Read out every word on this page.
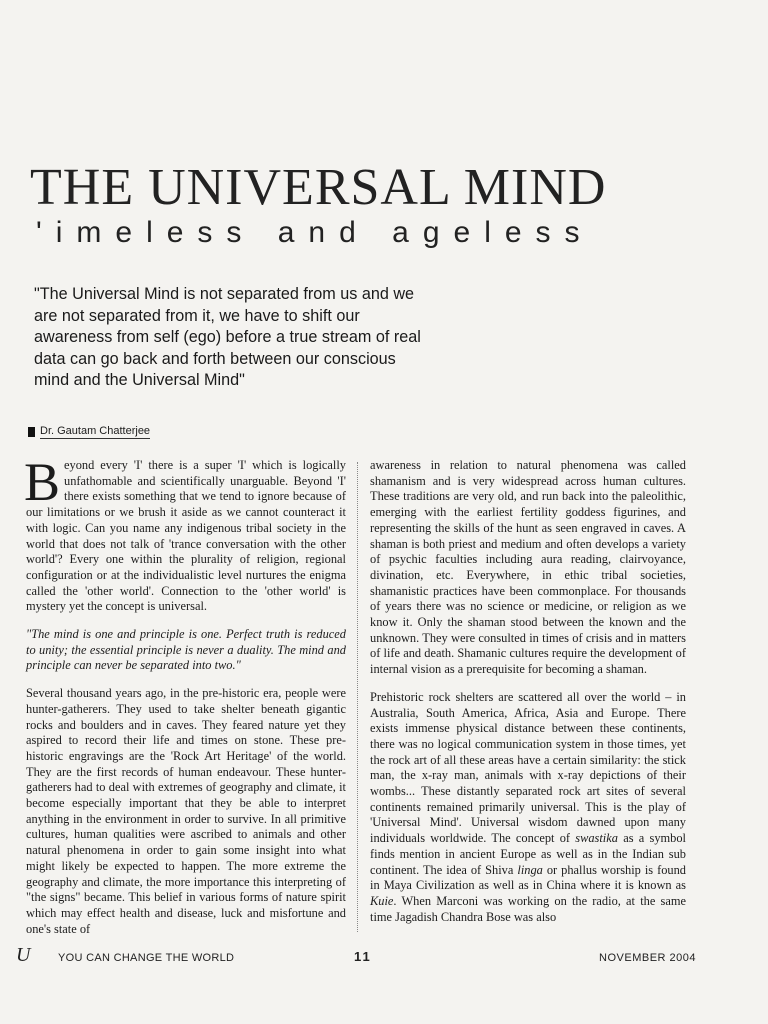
THE UNIVERSAL MIND
'imeless and ageless
"The Universal Mind is not separated from us and we are not separated from it, we have to shift our awareness from self (ego) before a true stream of real data can go back and forth between our conscious mind and the Universal Mind"
Dr. Gautam Chatterjee

Beyond every 'I' there is a super 'I' which is logically unfathomable and scientifically unarguable. Beyond 'I' there exists something that we tend to ignore because of our limitations or we brush it aside as we cannot counteract it with logic. Can you name any indigenous tribal society in the world that does not talk of 'trance conversation with the other world'? Every one within the plurality of religion, regional configuration or at the individualistic level nurtures the enigma called the 'other world'. Connection to the 'other world' is mystery yet the concept is universal.

"The mind is one and principle is one. Perfect truth is reduced to unity; the essential principle is never a duality. The mind and principle can never be separated into two."

Several thousand years ago, in the pre-historic era, people were hunter-gatherers. They used to take shelter beneath gigantic rocks and boulders and in caves. They feared nature yet they aspired to record their life and times on stone. These pre-historic engravings are the 'Rock Art Heritage' of the world. They are the first records of human endeavour. These hunter-gatherers had to deal with extremes of geography and climate, it become especially important that they be able to interpret anything in the environment in order to survive. In all primitive cultures, human qualities were ascribed to animals and other natural phenomena in order to gain some insight into what might likely be expected to happen. The more extreme the geography and climate, the more importance this interpreting of "the signs" became. This belief in various forms of nature spirit which may effect health and disease, luck and misfortune and one's state of

awareness in relation to natural phenomena was called shamanism and is very widespread across human cultures. These traditions are very old, and run back into the paleolithic, emerging with the earliest fertility goddess figurines, and representing the skills of the hunt as seen engraved in caves. A shaman is both priest and medium and often develops a variety of psychic faculties including aura reading, clairvoyance, divination, etc. Everywhere, in ethic tribal societies, shamanistic practices have been commonplace. For thousands of years there was no science or medicine, or religion as we know it. Only the shaman stood between the known and the unknown. They were consulted in times of crisis and in matters of life and death. Shamanic cultures require the development of internal vision as a prerequisite for becoming a shaman.

Prehistoric rock shelters are scattered all over the world – in Australia, South America, Africa, Asia and Europe. There exists immense physical distance between these continents, there was no logical communication system in those times, yet the rock art of all these areas have a certain similarity: the stick man, the x-ray man, animals with x-ray depictions of their wombs... These distantly separated rock art sites of several continents remained primarily universal. This is the play of 'Universal Mind'. Universal wisdom dawned upon many individuals worldwide. The concept of swastika as a symbol finds mention in ancient Europe as well as in the Indian sub continent. The idea of Shiva linga or phallus worship is found in Maya Civilization as well as in China where it is known as Kuie. When Marconi was working on the radio, at the same time Jagadish Chandra Bose was also

U	YOU CAN CHANGE THE WORLD	11	NOVEMBER 2004
